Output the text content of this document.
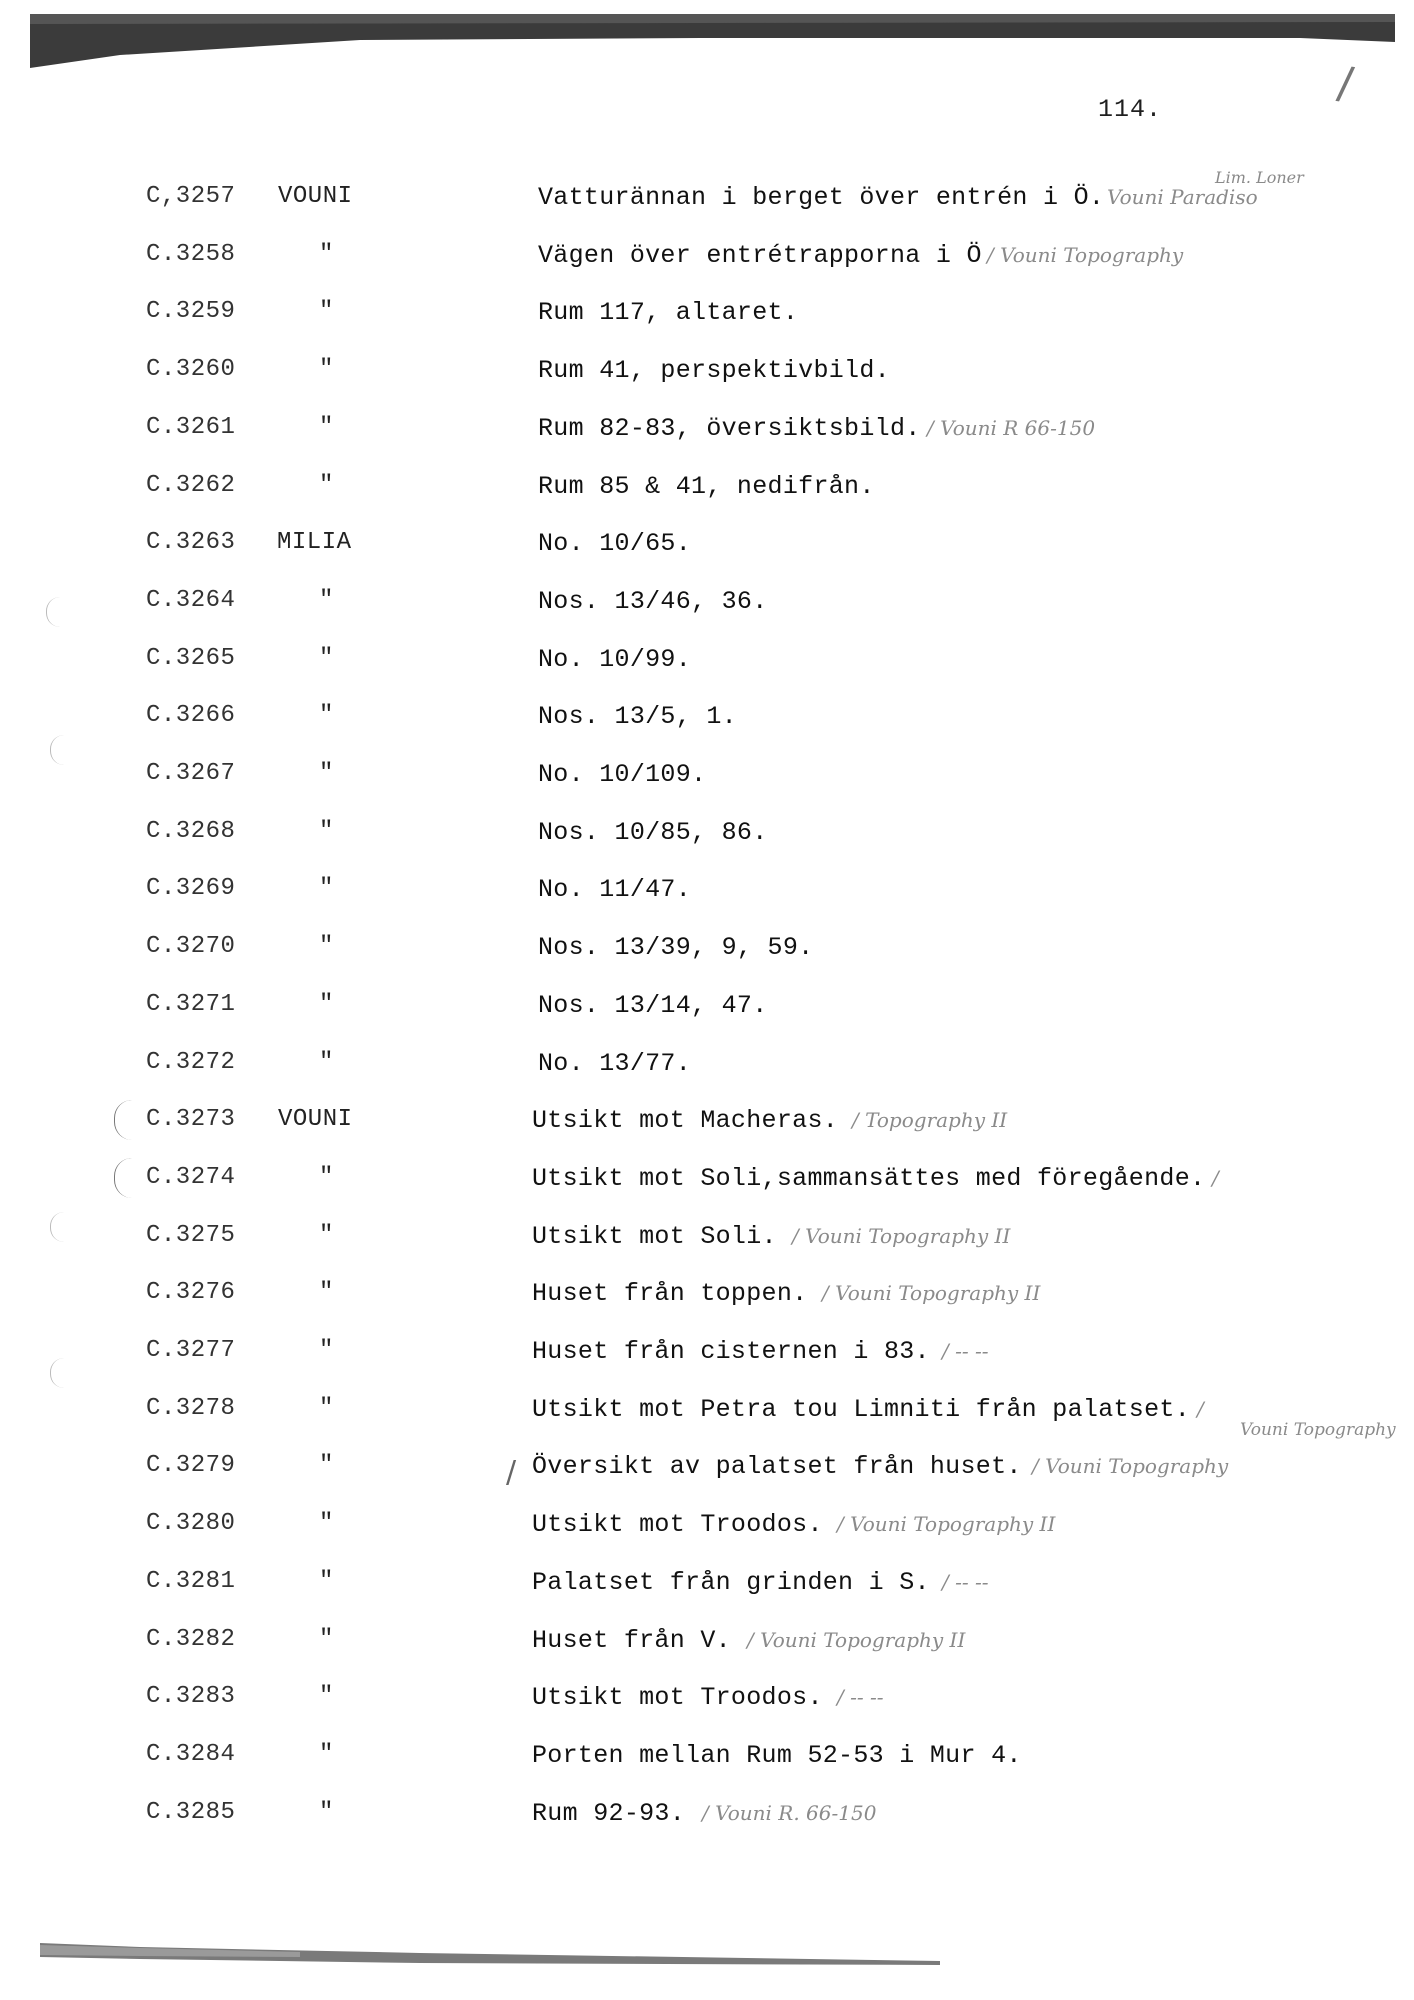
/
114.
Lim. Loner
Vouni Topography
C,3257 VOUNI	Vatturännan i berget över entrén i Ö. Vouni Paradiso
C.3258	"	Vägen över entrétrapporna i Ö / Vouni Topography
C.3259	"	Rum 117, altaret.
C.3260	"	Rum 41, perspektivbild.
C.3261	"	Rum 82-83, översiktsbild. / Vouni R 66-150
C.3262	"	Rum 85 & 41, nedifrån.
C.3263 MILIA	No. 10/65.
C.3264	"	Nos. 13/46, 36.
C.3265	"	No. 10/99.
C.3266	"	Nos. 13/5, 1.
C.3267	"	No. 10/109.
C.3268	"	Nos. 10/85, 86.
C.3269	"	No. 11/47.
C.3270	"	Nos. 13/39, 9, 59.
C.3271	"	Nos. 13/14, 47.
C.3272	"	No. 13/77.
C.3273 VOUNI	Utsikt mot Macheras. / Topography II
C.3274	"	Utsikt mot Soli,sammansättes med föregående. /
C.3275	"	Utsikt mot Soli. / Vouni Topography II
C.3276	"	Huset från toppen. / Vouni Topography II
C.3277	"	Huset från cisternen i 83. / -- --
C.3278	"	Utsikt mot Petra tou Limniti från palatset. /
C.3279	"	Översikt av palatset från huset. / Vouni Topography
C.3280	"	Utsikt mot Troodos. / Vouni Topography II
C.3281	"	Palatset från grinden i S. / -- --
C.3282	"	Huset från V. / Vouni Topography II
C.3283	"	Utsikt mot Troodos. / -- --
C.3284	"	Porten mellan Rum 52-53 i Mur 4.
C.3285	"	Rum 92-93. / Vouni R. 66-150
/
